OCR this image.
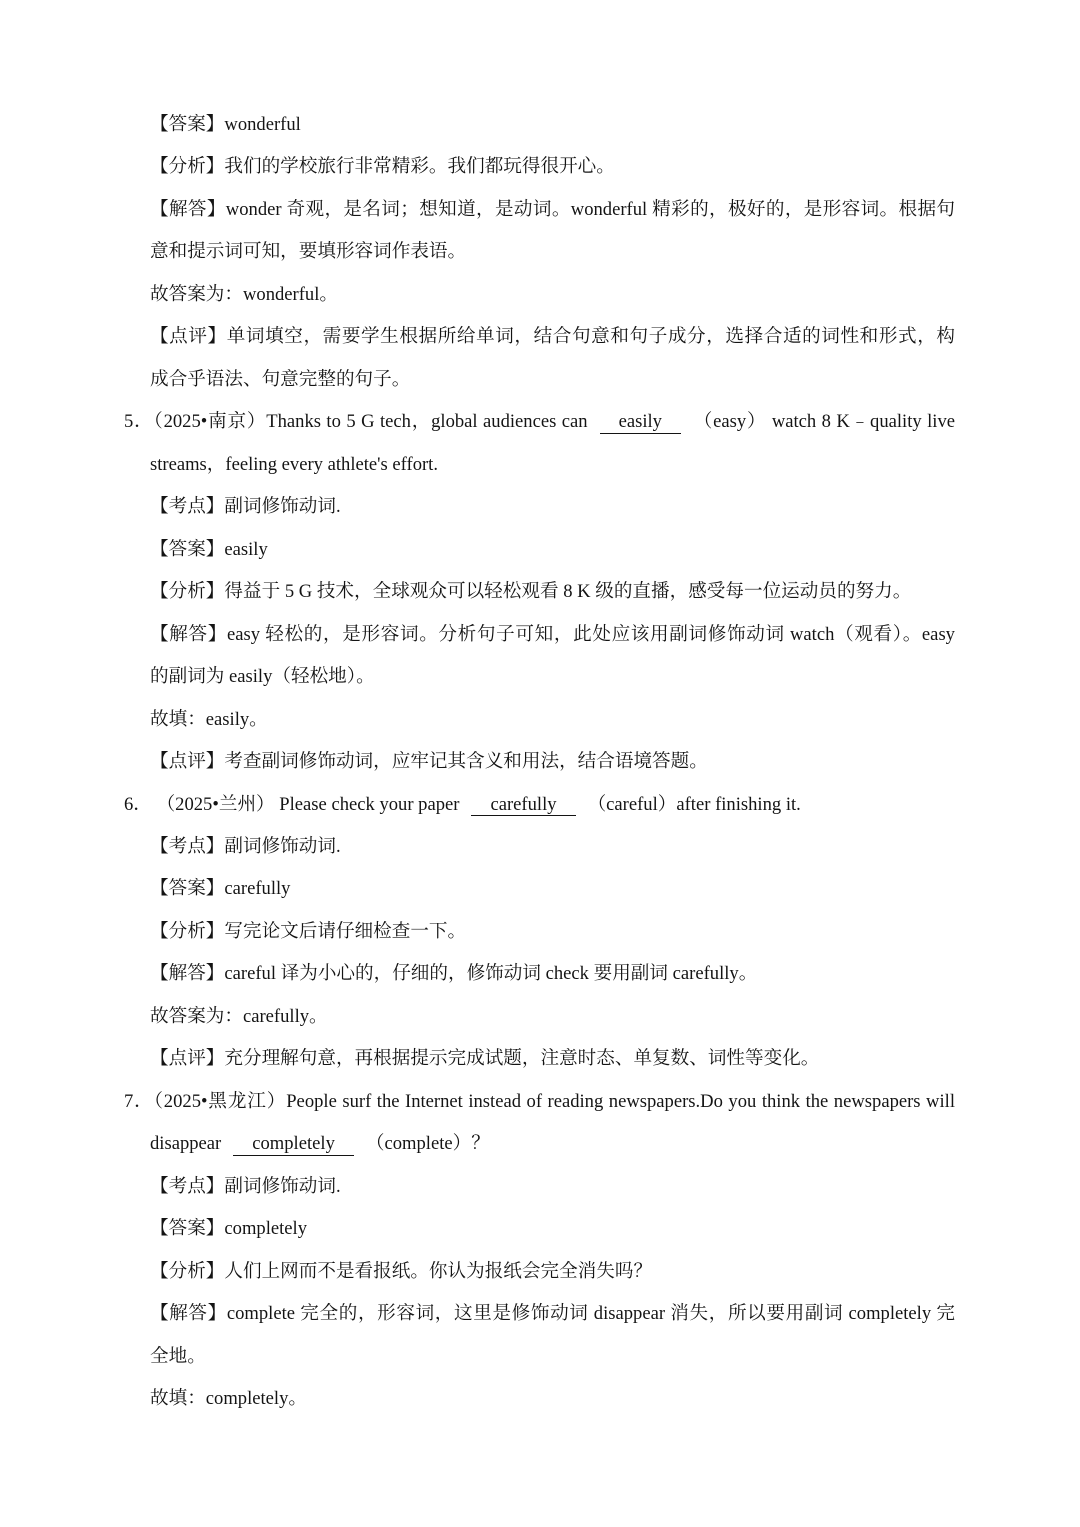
【答案】wonderful
【分析】我们的学校旅行非常精彩。我们都玩得很开心。
【解答】wonder 奇观，是名词；想知道，是动词。wonderful 精彩的，极好的，是形容词。根据句
意和提示词可知，要填形容词作表语。
故答案为：wonderful。
【点评】单词填空，需要学生根据所给单词，结合句意和句子成分，选择合适的词性和形式，构
成合乎语法、句意完整的句子。
5．（2025•南京）Thanks to 5 G tech，global audiences can easily （easy） watch 8 K﹣quality live
streams，feeling every athlete's effort.
【考点】副词修饰动词.
【答案】easily
【分析】得益于 5 G 技术，全球观众可以轻松观看 8 K 级的直播，感受每一位运动员的努力。
【解答】easy 轻松的，是形容词。分析句子可知，此处应该用副词修饰动词 watch（观看）。easy
的副词为 easily（轻松地）。
故填：easily。
【点评】考查副词修饰动词，应牢记其含义和用法，结合语境答题。
6． （2025•兰州） Please check your paper carefully （careful）after finishing it.
【考点】副词修饰动词.
【答案】carefully
【分析】写完论文后请仔细检查一下。
【解答】careful 译为小心的，仔细的，修饰动词 check 要用副词 carefully。
故答案为：carefully。
【点评】充分理解句意，再根据提示完成试题，注意时态、单复数、词性等变化。
7．（2025•黑龙江）People surf the Internet instead of reading newspapers.Do you think the newspapers will
disappear completely （complete）？
【考点】副词修饰动词.
【答案】completely
【分析】人们上网而不是看报纸。你认为报纸会完全消失吗？
【解答】complete 完全的，形容词，这里是修饰动词 disappear 消失，所以要用副词 completely 完
全地。
故填：completely。
